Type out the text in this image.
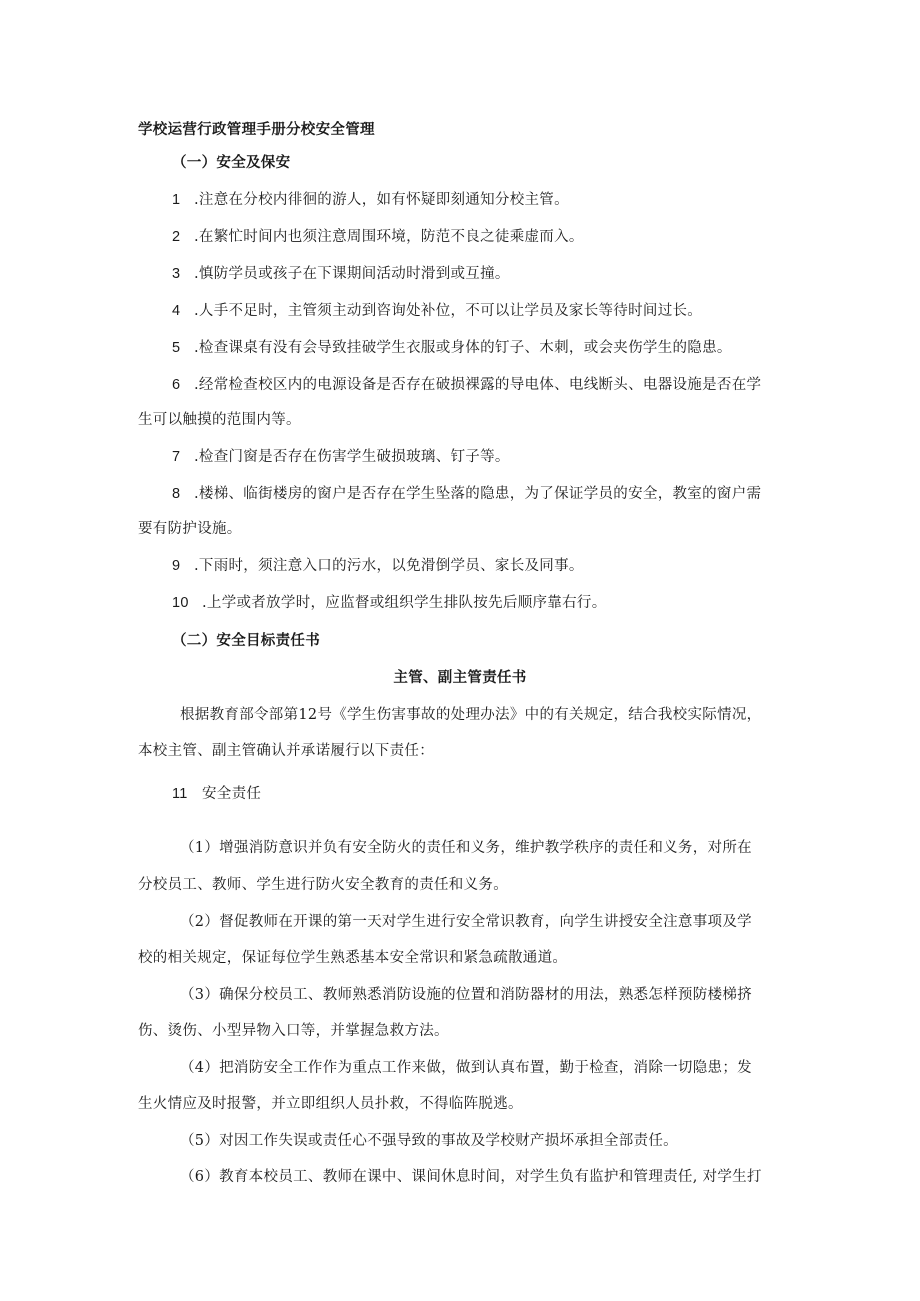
学校运营行政管理手册分校安全管理
（一）安全及保安
1 .注意在分校内徘徊的游人，如有怀疑即刻通知分校主管。
2 .在繁忙时间内也须注意周围环境，防范不良之徒乘虚而入。
3 .慎防学员或孩子在下课期间活动时滑到或互撞。
4 .人手不足时，主管须主动到咨询处补位，不可以让学员及家长等待时间过长。
5 .检查课桌有没有会导致挂破学生衣服或身体的钉子、木刺，或会夹伤学生的隐患。
6 .经常检查校区内的电源设备是否存在破损裸露的导电体、电线断头、电器设施是否在学
生可以触摸的范围内等。
7 .检查门窗是否存在伤害学生破损玻璃、钉子等。
8 .楼梯、临街楼房的窗户是否存在学生坠落的隐患，为了保证学员的安全，教室的窗户需
要有防护设施。
9 .下雨时，须注意入口的污水，以免滑倒学员、家长及同事。
10 .上学或者放学时，应监督或组织学生排队按先后顺序靠右行。
（二）安全目标责任书
主管、副主管责任书
根据教育部令部第12号《学生伤害事故的处理办法》中的有关规定，结合我校实际情况，
本校主管、副主管确认并承诺履行以下责任：
11 安全责任
（1）增强消防意识并负有安全防火的责任和义务，维护教学秩序的责任和义务，对所在
分校员工、教师、学生进行防火安全教育的责任和义务。
（2）督促教师在开课的第一天对学生进行安全常识教育，向学生讲授安全注意事项及学
校的相关规定，保证每位学生熟悉基本安全常识和紧急疏散通道。
（3）确保分校员工、教师熟悉消防设施的位置和消防器材的用法，熟悉怎样预防楼梯挤
伤、烫伤、小型异物入口等，并掌握急救方法。
（4）把消防安全工作作为重点工作来做，做到认真布置，勤于检查，消除一切隐患；发
生火情应及时报警，并立即组织人员扑救，不得临阵脱逃。
（5）对因工作失误或责任心不强导致的事故及学校财产损坏承担全部责任。
（6）教育本校员工、教师在课中、课间休息时间，对学生负有监护和管理责任, 对学生打
